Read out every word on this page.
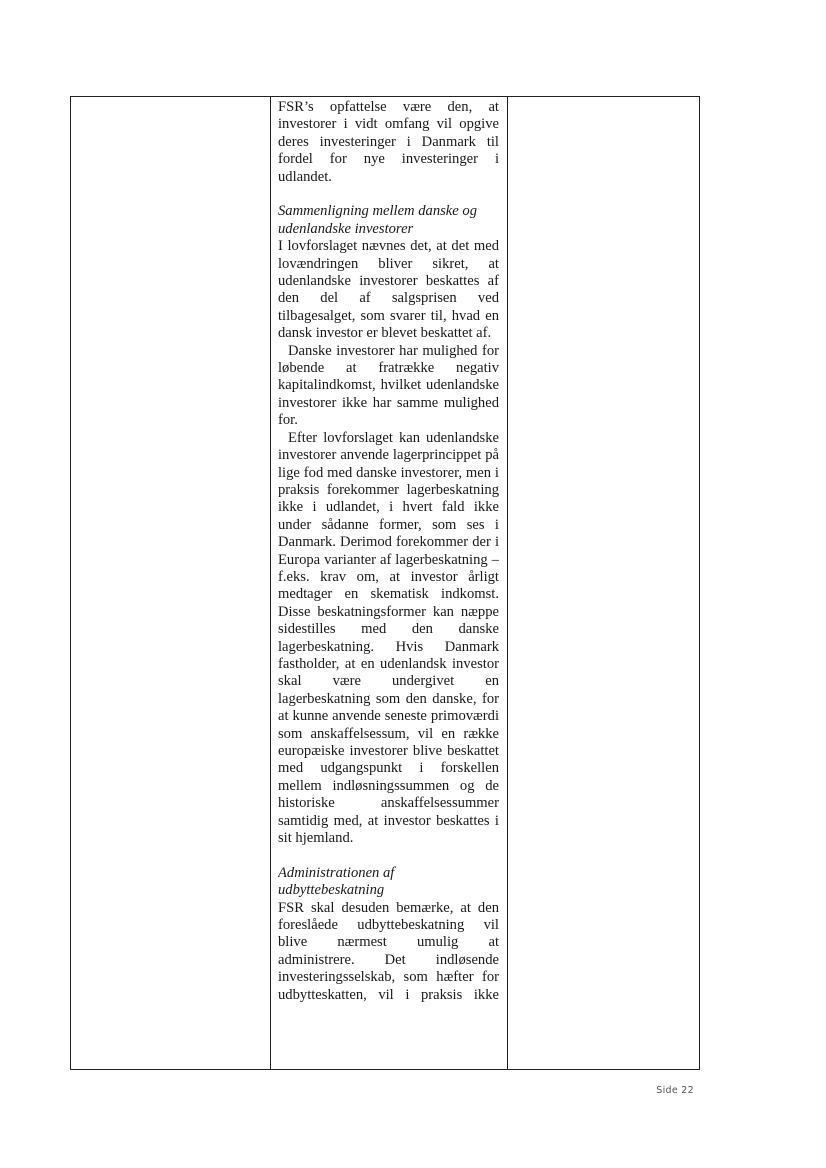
FSR’s opfattelse være den, at investorer i vidt omfang vil opgive deres investeringer i Danmark til fordel for nye investeringer i udlandet.

Sammenligning mellem danske og udenlandske investorer

I lovforslaget nævnes det, at det med lovændringen bliver sikret, at udenlandske investorer beskattes af den del af salgsprisen ved tilbagesalget, som svarer til, hvad en dansk investor er blevet beskattet af.

Danske investorer har mulighed for løbende at fratrække negativ kapitalindkomst, hvilket udenlandske investorer ikke har samme mulighed for.

Efter lovforslaget kan udenlandske investorer anvende lagerprincippet på lige fod med danske investorer, men i praksis forekommer lagerbeskatning ikke i udlandet, i hvert fald ikke under sådanne former, som ses i Danmark. Derimod forekommer der i Europa varianter af lagerbeskatning – f.eks. krav om, at investor årligt medtager en skematisk indkomst. Disse beskatningsformer kan næppe sidestilles med den danske lagerbeskatning. Hvis Danmark fastholder, at en udenlandsk investor skal være undergivet en lagerbeskatning som den danske, for at kunne anvende seneste primoværdi som anskaffelsessum, vil en række europæiske investorer blive beskattet med udgangspunkt i forskellen mellem indløsningssummen og de historiske anskaffelsessummer samtidig med, at investor beskattes i sit hjemland.

Administrationen af udbyttebeskatning

FSR skal desuden bemærke, at den foreslåede udbyttebeskatning vil blive nærmest umulig at administrere. Det indløsende investeringsselskab, som hæfter for udbytteskatten, vil i praksis ikke

Side 22
